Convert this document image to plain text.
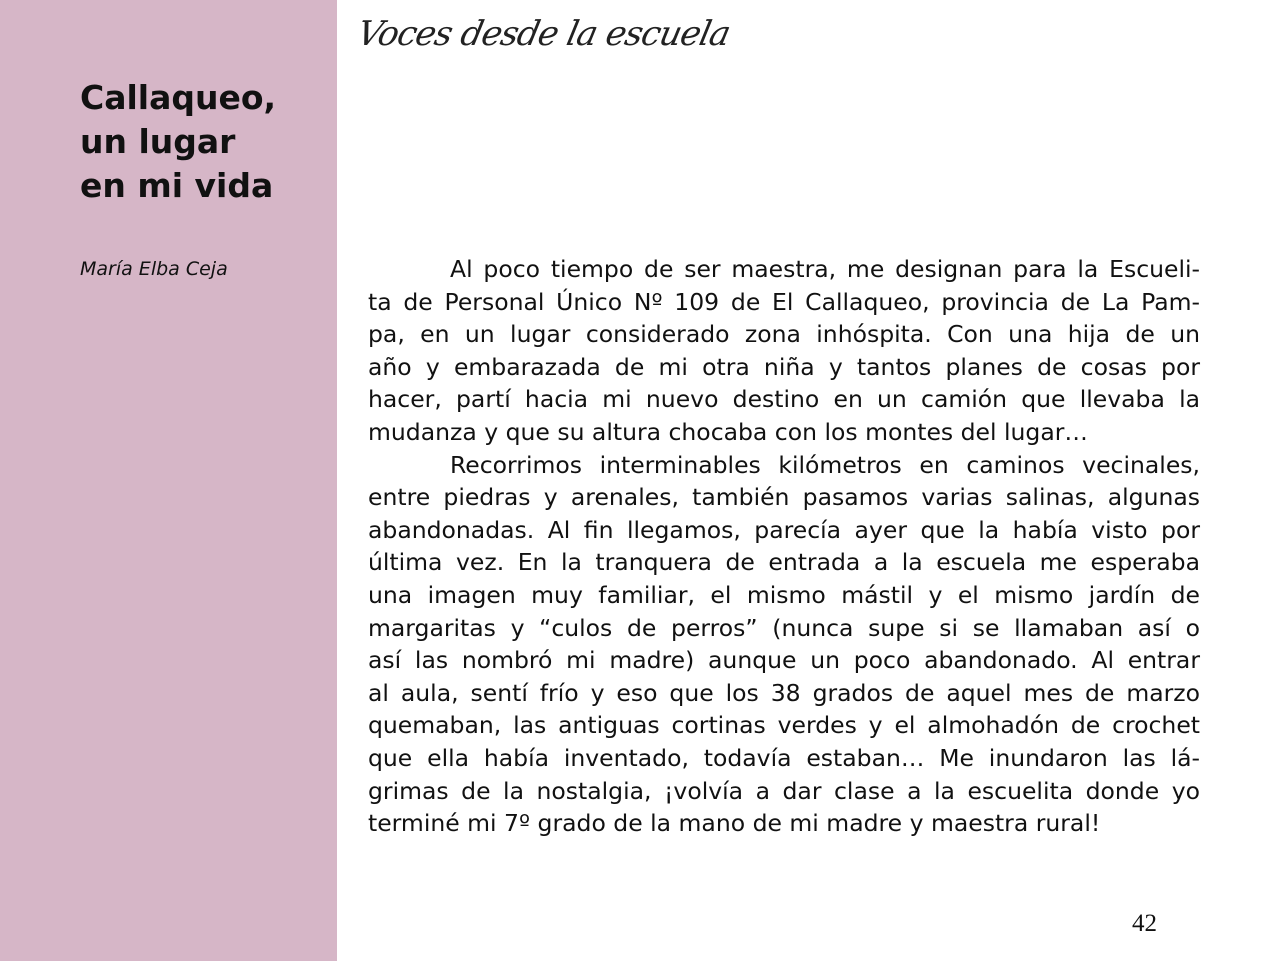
Callaqueo,
un lugar
en mi vida
María Elba Ceja
Voces desde la escuela
Al poco tiempo de ser maestra, me designan para la Escueli-
ta de Personal Único Nº 109 de El Callaqueo, provincia de La Pam-
pa, en un lugar considerado zona inhóspita. Con una hija de un
año y embarazada de mi otra niña y tantos planes de cosas por
hacer, partí hacia mi nuevo destino en un camión que llevaba la
mudanza y que su altura chocaba con los montes del lugar…
Recorrimos interminables kilómetros en caminos vecinales,
entre piedras y arenales, también pasamos varias salinas, algunas
abandonadas. Al fin llegamos, parecía ayer que la había visto por
última vez. En la tranquera de entrada a la escuela me esperaba
una imagen muy familiar, el mismo mástil y el mismo jardín de
margaritas y “culos de perros” (nunca supe si se llamaban así o
así las nombró mi madre) aunque un poco abandonado. Al entrar
al aula, sentí frío y eso que los 38 grados de aquel mes de marzo
quemaban, las antiguas cortinas verdes y el almohadón de crochet
que ella había inventado, todavía estaban… Me inundaron las lá-
grimas de la nostalgia, ¡volvía a dar clase a la escuelita donde yo
terminé mi 7º grado de la mano de mi madre y maestra rural!
42
